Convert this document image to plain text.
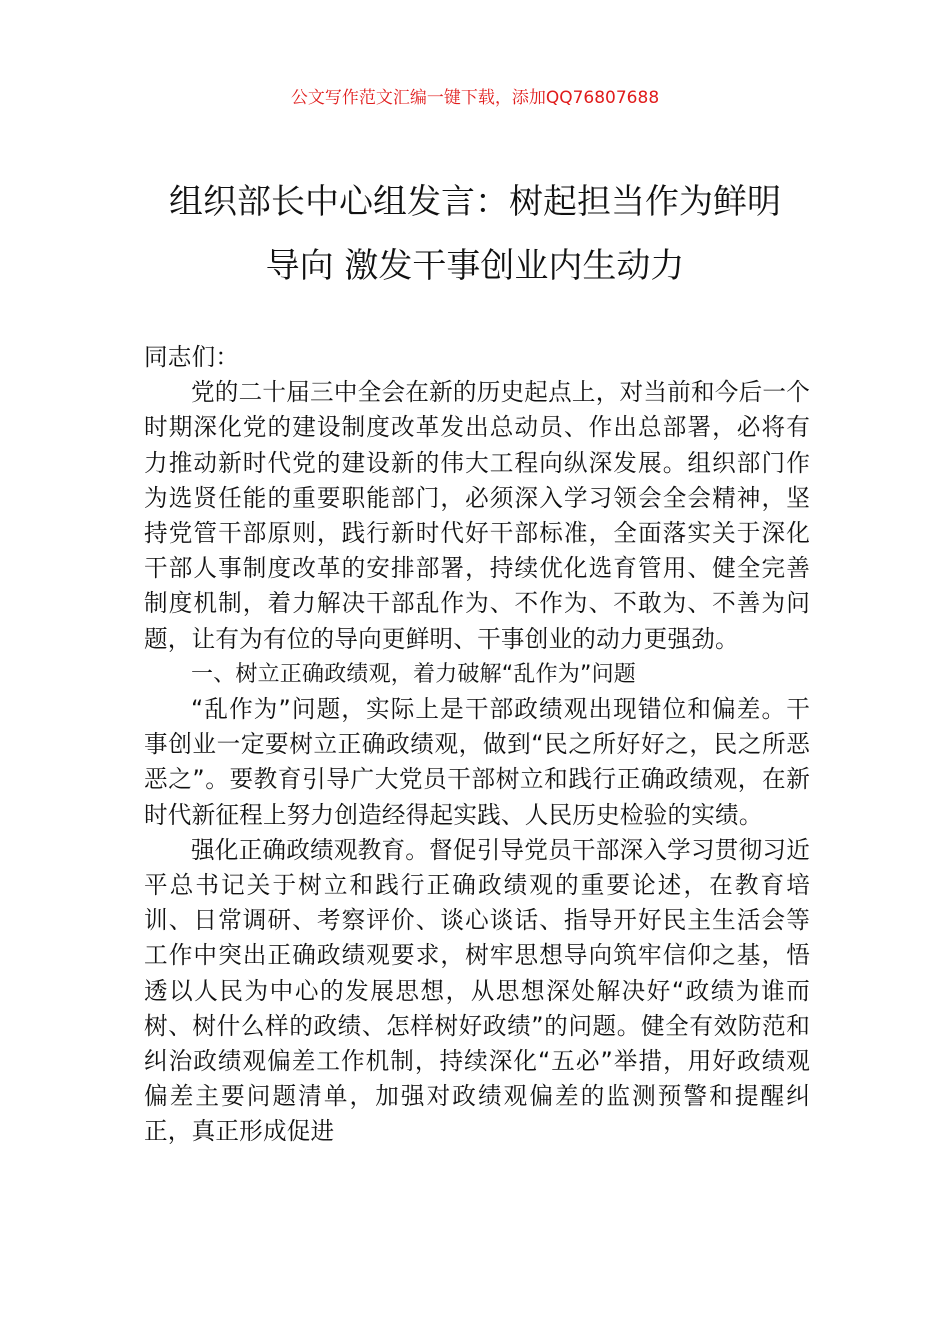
公文写作范文汇编一键下载，添加QQ76807688
组织部长中心组发言：树起担当作为鲜明
导向 激发干事创业内生动力

同志们：

党的二十届三中全会在新的历史起点上，对当前和今后一个时期深化党的建设制度改革发出总动员、作出总部署，必将有力推动新时代党的建设新的伟大工程向纵深发展。组织部门作为选贤任能的重要职能部门，必须深入学习领会全会精神，坚持党管干部原则，践行新时代好干部标准，全面落实关于深化干部人事制度改革的安排部署，持续优化选育管用、健全完善制度机制，着力解决干部乱作为、不作为、不敢为、不善为问题，让有为有位的导向更鲜明、干事创业的动力更强劲。

一、树立正确政绩观，着力破解“乱作为”问题

“乱作为”问题，实际上是干部政绩观出现错位和偏差。干事创业一定要树立正确政绩观，做到“民之所好好之，民之所恶恶之”。要教育引导广大党员干部树立和践行正确政绩观，在新时代新征程上努力创造经得起实践、人民历史检验的实绩。

强化正确政绩观教育。督促引导党员干部深入学习贯彻习近平总书记关于树立和践行正确政绩观的重要论述，在教育培训、日常调研、考察评价、谈心谈话、指导开好民主生活会等工作中突出正确政绩观要求，树牢思想导向筑牢信仰之基，悟透以人民为中心的发展思想，从思想深处解决好“政绩为谁而树、树什么样的政绩、怎样树好政绩”的问题。健全有效防范和纠治政绩观偏差工作机制，持续深化“五必”举措，用好政绩观偏差主要问题清单，加强对政绩观偏差的监测预警和提醒纠正，真正形成促进
